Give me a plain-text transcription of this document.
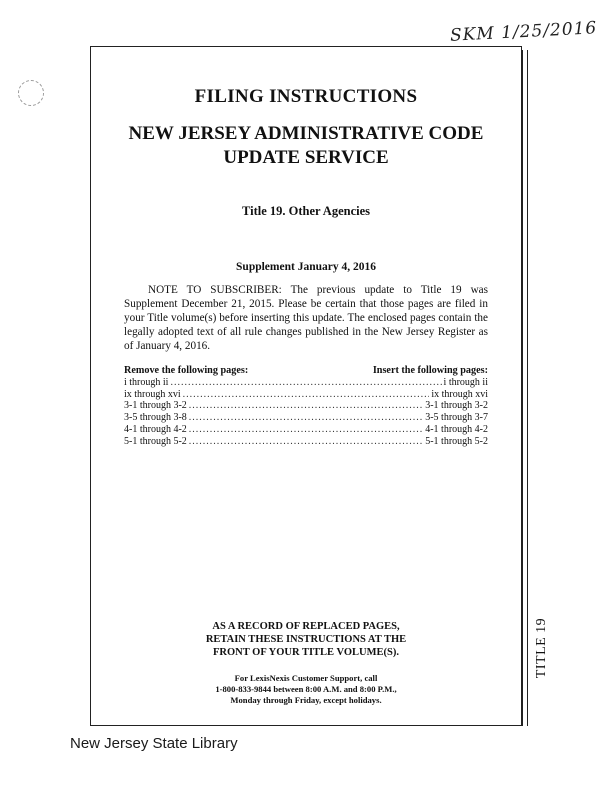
SKM 1/25/2016
FILING INSTRUCTIONS
NEW JERSEY ADMINISTRATIVE CODE
UPDATE SERVICE
Title 19. Other Agencies
Supplement January 4, 2016

NOTE TO SUBSCRIBER: The previous update to Title 19 was Supplement December 21, 2015. Please be certain that those pages are filed in your Title volume(s) before inserting this update. The enclosed pages contain the legally adopted text of all rule changes published in the New Jersey Register as of January 4, 2016.

Remove the following pages:	Insert the following pages:
i through ii .....	i through ii
ix through xvi .....	ix through xvi
3-1 through 3-2 .....	3-1 through 3-2
3-5 through 3-8 .....	3-5 through 3-7
4-1 through 4-2 .....	4-1 through 4-2
5-1 through 5-2 .....	5-1 through 5-2
AS A RECORD OF REPLACED PAGES,
RETAIN THESE INSTRUCTIONS AT THE
FRONT OF YOUR TITLE VOLUME(S).
For LexisNexis Customer Support, call
1-800-833-9844 between 8:00 A.M. and 8:00 P.M.,
Monday through Friday, except holidays.
TITLE 19
New Jersey State Library
